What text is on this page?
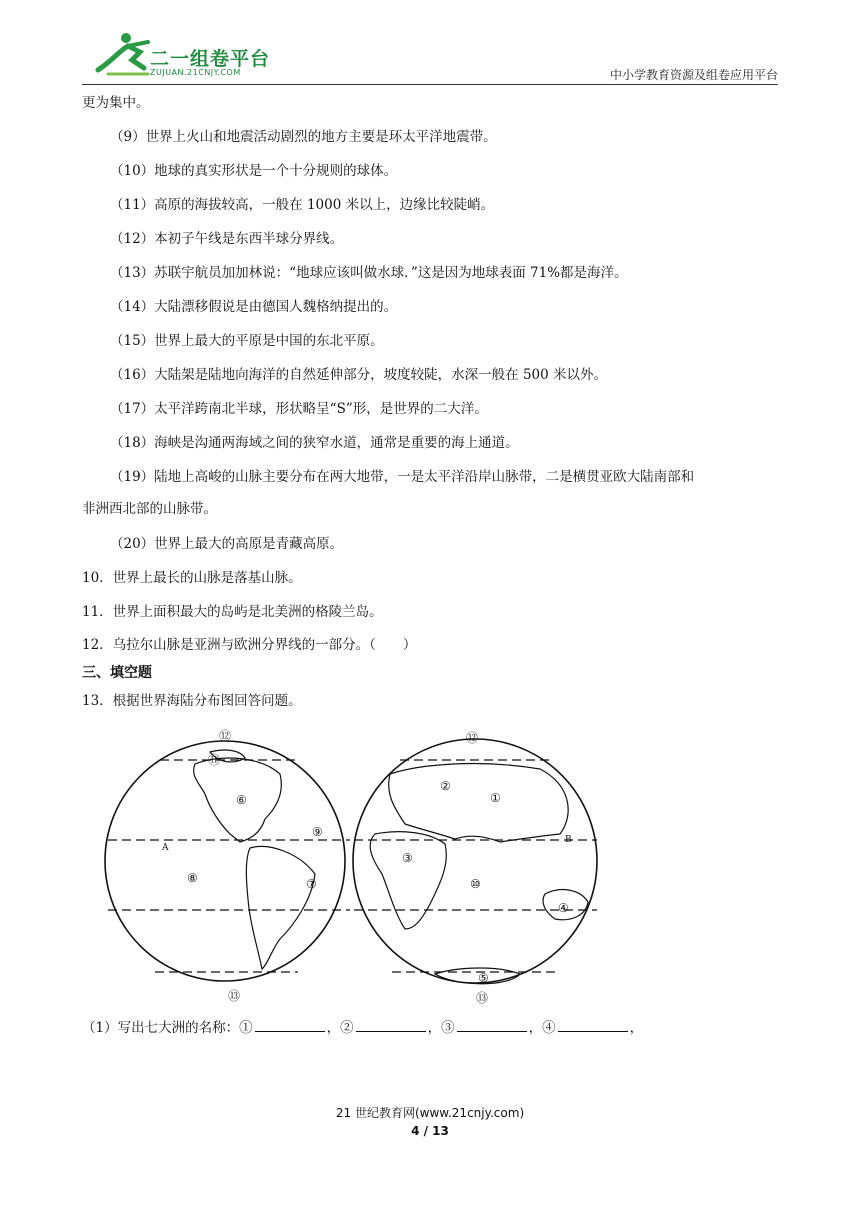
二一组卷平台
ZUJUAN.21CNJY.COM	中小学教育资源及组卷应用平台
更为集中。
（9）世界上火山和地震活动剧烈的地方主要是环太平洋地震带。
（10）地球的真实形状是一个十分规则的球体。
（11）高原的海拔较高，一般在 1000 米以上，边缘比较陡峭。
（12）本初子午线是东西半球分界线。
（13）苏联宇航员加加林说：“地球应该叫做水球．”这是因为地球表面 71%都是海洋。
（14）大陆漂移假说是由德国人魏格纳提出的。
（15）世界上最大的平原是中国的东北平原。
（16）大陆架是陆地向海洋的自然延伸部分，坡度较陡，水深一般在 500 米以外。
（17）太平洋跨南北半球，形状略呈“S”形，是世界的二大洋。
（18）海峡是沟通两海域之间的狭窄水道，通常是重要的海上通道。
（19）陆地上高峻的山脉主要分布在两大地带，一是太平洋沿岸山脉带，二是横贯亚欧大陆南部和
非洲西北部的山脉带。
（20）世界上最大的高原是青藏高原。
10．世界上最长的山脉是落基山脉。
11．世界上面积最大的岛屿是北美洲的格陵兰岛。
12．乌拉尔山脉是亚洲与欧洲分界线的一部分。（　　）
三、填空题
13．根据世界海陆分布图回答问题。
⑫
⑪
⑥
⑨
A
⑧	⑦
⑬
⑫
②
①
B
③
⑩
④
⑤
⑬
（1）写出七大洲的名称：①	，②	，③	，④	，
21 世纪教育网(www.21cnjy.com)
4 / 13
